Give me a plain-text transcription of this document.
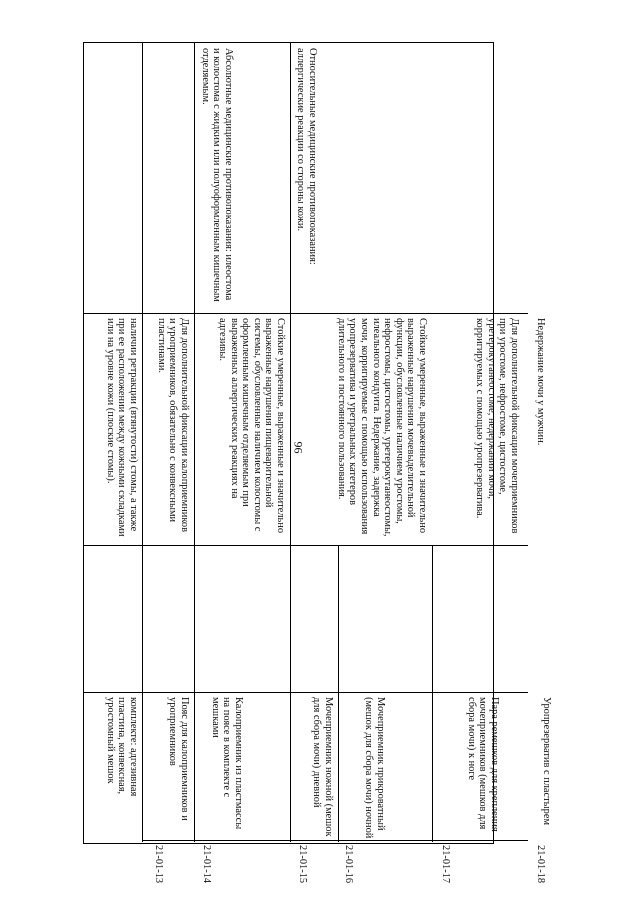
96
комплекте: адгезивная пластина, конвексная, уростомный мешок
наличии ретракции (втянутости) стомы, а также при ее расположении между кожными складками или на уровне кожи (плоские стомы).
21-01-13
Пояс для калоприемников и уроприемников
Для дополнительной фиксации калоприемников и уроприемников, обязательно с конвексными пластинами.
21-01-14
Калоприемник из пластмассы на поясе в комплекте с мешками
Стойкие умеренные, выраженные и значительно выраженные нарушения пищеварительной системы, обусловленные наличием колостомы с оформленным кишечным отделяемым при выраженных аллергических реакциях на адгезивы.
Абсолютные медицинские противопоказания: илеостома и колостома с жидким или полуоформленным кишечным отделяемым.
21-01-15
Мочеприемник ножной (мешок для сбора мочи) дневной
Стойкие умеренные, выраженные и значительно выраженные нарушения мочевыделительной функции, обусловленные наличием уростомы, нефростомы, цистостомы, уретерокутанеостомы, илеального кондуита. Недержание, задержка мочи, корригируемые с помощью использования уропрезерватива и уретральных катетеров длительного и постоянного пользования.
Относительные медицинские противопоказания: аллергические реакции со стороны кожи.
21-01-16
Мочеприемник прикроватный (мешок для сбора мочи) ночной
21-01-17
Пара ремешков для крепления мочеприемников (мешков для сбора мочи) к ноге
Для дополнительной фиксации мочеприемников при уростоме, нефростоме, цистостоме, уретерокутанеостоме, недержании мочи, корригируемых с помощью уропрезерватива.
21-01-18
Уропрезерватив с пластырем
Недержание мочи у мужчин.
